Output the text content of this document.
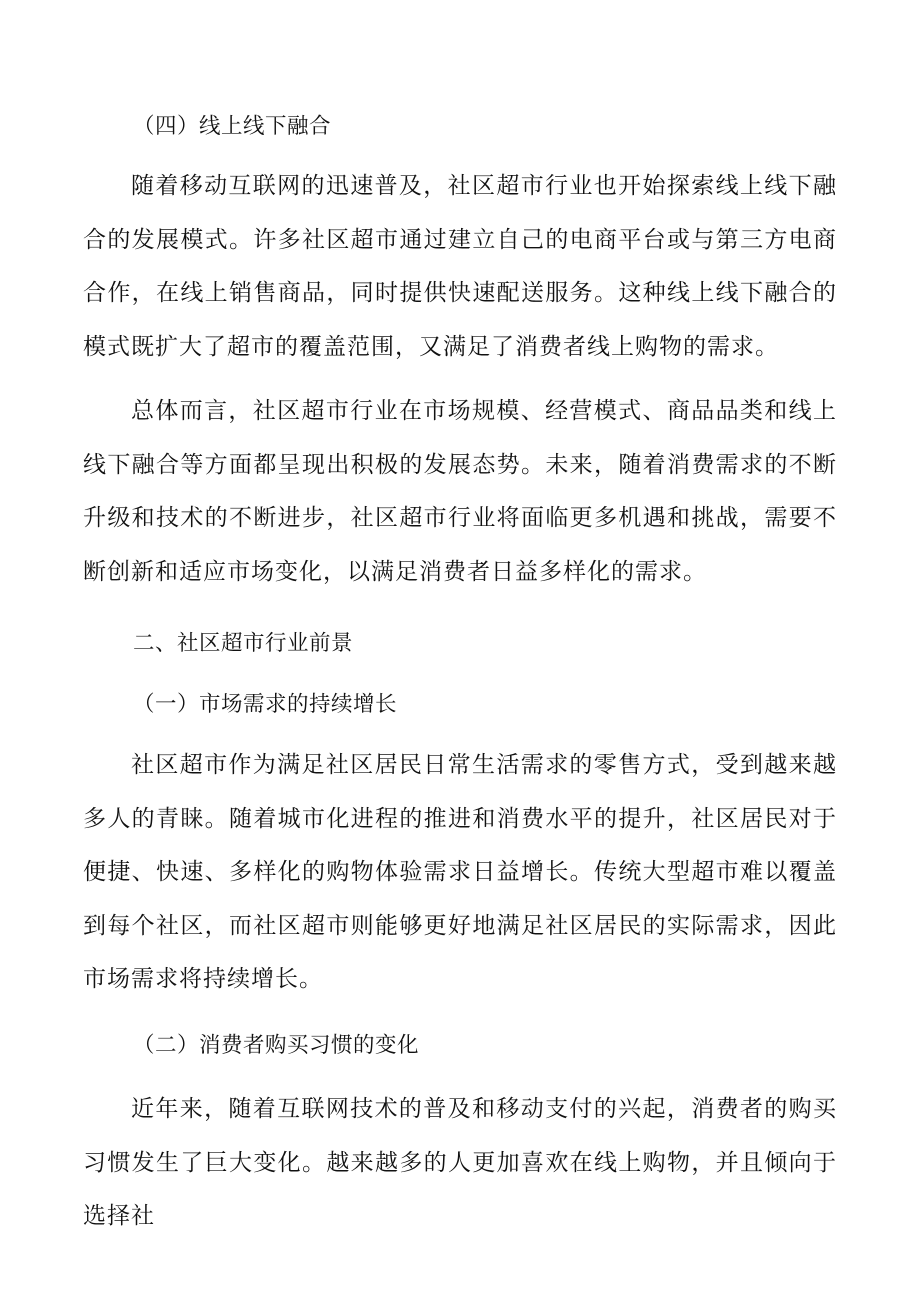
（四）线上线下融合

随着移动互联网的迅速普及，社区超市行业也开始探索线上线下融合的发展模式。许多社区超市通过建立自己的电商平台或与第三方电商合作，在线上销售商品，同时提供快速配送服务。这种线上线下融合的模式既扩大了超市的覆盖范围，又满足了消费者线上购物的需求。

总体而言，社区超市行业在市场规模、经营模式、商品品类和线上线下融合等方面都呈现出积极的发展态势。未来，随着消费需求的不断升级和技术的不断进步，社区超市行业将面临更多机遇和挑战，需要不断创新和适应市场变化，以满足消费者日益多样化的需求。

二、社区超市行业前景

（一）市场需求的持续增长

社区超市作为满足社区居民日常生活需求的零售方式，受到越来越多人的青睐。随着城市化进程的推进和消费水平的提升，社区居民对于便捷、快速、多样化的购物体验需求日益增长。传统大型超市难以覆盖到每个社区，而社区超市则能够更好地满足社区居民的实际需求，因此市场需求将持续增长。

（二）消费者购买习惯的变化

近年来，随着互联网技术的普及和移动支付的兴起，消费者的购买习惯发生了巨大变化。越来越多的人更加喜欢在线上购物，并且倾向于选择社
